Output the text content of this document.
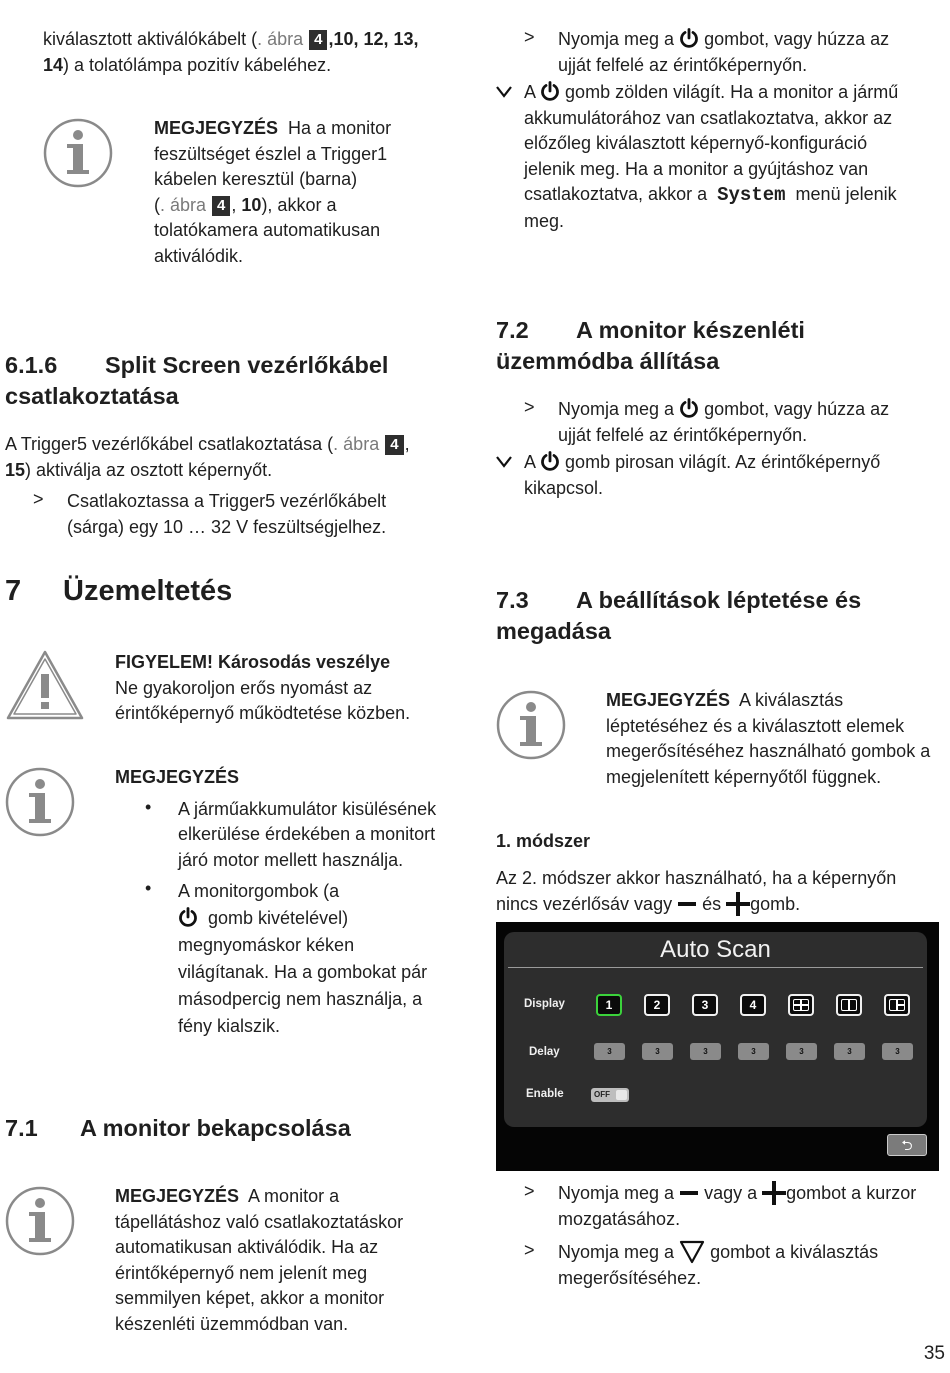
kiválasztott aktiválókábelt (. ábra 4 ,10, 12, 13,
14) a tolatólámpa pozitív kábeléhez.

MEGJEGYZÉS Ha a monitor
feszültséget észlel a Trigger1
kábelen keresztül (barna)
(. ábra 4 , 10), akkor a
tolatókamera automatikusan
aktiválódik.

6.1.6 Split Screen vezérlőkábel
csatlakoztatása

A Trigger5 vezérlőkábel csatlakoztatása (. ábra 4 ,
15) aktiválja az osztott képernyőt.

> Csatlakoztassa a Trigger5 vezérlőkábelt
(sárga) egy 10 … 32 V feszültségjelhez.

7 Üzemeltetés

FIGYELEM! Károsodás veszélye
Ne gyakoroljon erős nyomást az
érintőképernyő működtetése közben.

MEGJEGYZÉS

• A járműakkumulátor kisülésének
elkerülése érdekében a monitort
járó motor mellett használja.

• A monitorgombok (a
gomb kivételével)
megnyomáskor kéken
világítanak. Ha a gombokat pár
másodpercig nem használja, a
fény kialszik.

7.1 A monitor bekapcsolása

MEGJEGYZÉS A monitor a
tápellátáshoz való csatlakoztatáskor
automatikusan aktiválódik. Ha az
érintőképernyő nem jelenít meg
semmilyen képet, akkor a monitor
készenléti üzemmódban van.

> Nyomja meg a gombot, vagy húzza az
ujját felfelé az érintőképernyőn.

A gomb zölden világít. Ha a monitor a jármű
akkumulátorához van csatlakoztatva, akkor az
előzőleg kiválasztott képernyő-konfiguráció
jelenik meg. Ha a monitor a gyújtáshoz van
csatlakoztatva, akkor a System menü jelenik
meg.

7.2 A monitor készenléti
üzemmódba állítása
> Nyomja meg a gombot, vagy húzza az
ujját felfelé az érintőképernyőn.

A gomb pirosan világít. Az érintőképernyő
kikapcsol.

7.3 A beállítások léptetése és
megadása

MEGJEGYZÉS A kiválasztás
léptetéséhez és a kiválasztott elemek
megerősítéséhez használható gombok a
megjelenített képernyőtől függnek.

1. módszer

Az 2. módszer akkor használható, ha a képernyőn
nincs vezérlősáv vagy és gomb.

Auto Scan
Display	1	2	3	4
Delay	3	3	3	3	3	3	3
Enable	OFF
⮌
> Nyomja meg a vagy a gombot a kurzor
mozgatásához.

> Nyomja meg a gombot a kiválasztás
megerősítéséhez.

35
